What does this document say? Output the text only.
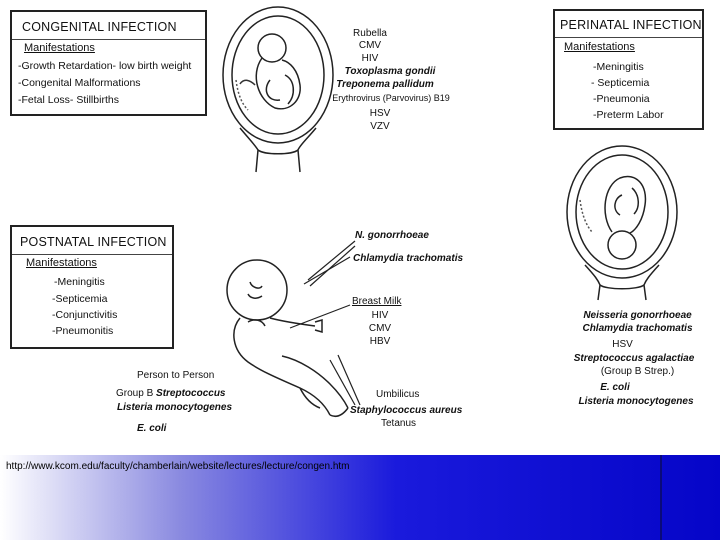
CONGENITAL INFECTION
Manifestations
-Growth Retardation- low birth weight
-Congenital Malformations
-Fetal Loss- Stillbirths
PERINATAL INFECTION
Manifestations
-Meningitis
- Septicemia
-Pneumonia
-Preterm Labor
POSTNATAL INFECTION
Manifestations
-Meningitis
-Septicemia
-Conjunctivitis
-Pneumonitis
Rubella
CMV
HIV
Toxoplasma gondii
Treponema pallidum
Erythrovirus (Parvovirus) B19
HSV
VZV
N. gonorrhoeae
Chlamydia trachomatis
Breast Milk
HIV
CMV
HBV
Person to Person
Group B Streptococcus
Listeria monocytogenes
E. coli
Umbilicus
Staphylococcus aureus
Tetanus
Neisseria gonorrhoeae
Chlamydia trachomatis
HSV
Streptococcus agalactiae
(Group B Strep.)
E. coli
Listeria monocytogenes
http://www.kcom.edu/faculty/chamberlain/website/lectures/lecture/congen.htm
